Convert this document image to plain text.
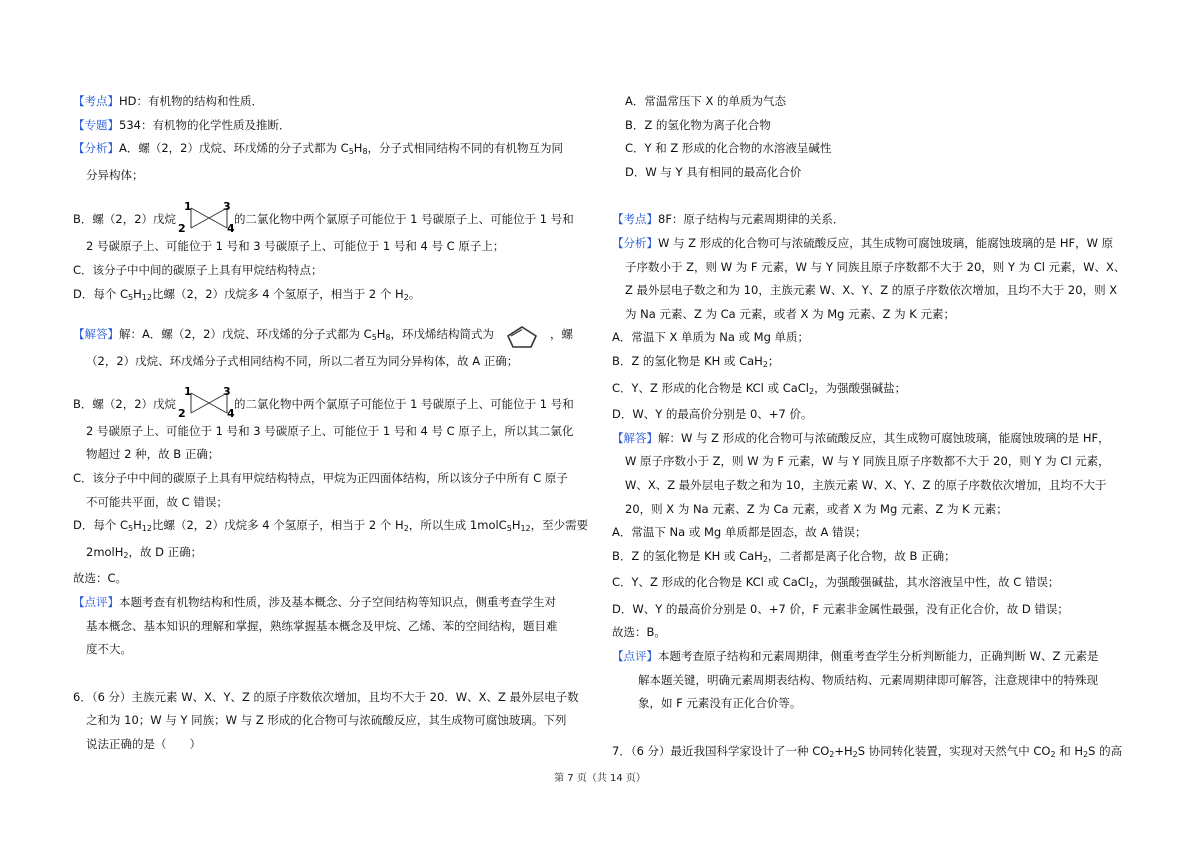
【考点】HD：有机物的结构和性质．

【专题】534：有机物的化学性质及推断．

【分析】A．螺（2，2）戊烷、环戊烯的分子式都为 $C_5H_8$，分子式相同结构不同的有机物互为同

分异构体；

B．螺（2，2）戊烷
1	3
2	4
的二氯化物中两个氯原子可能位于 1 号碳原子上、可能位于 1 号和

2 号碳原子上、可能位于 1 号和 3 号碳原子上、可能位于 1 号和 4 号 C 原子上；

C．该分子中中间的碳原子上具有甲烷结构特点；

D．每个 $C_5H_{12}$比螺（2，2）戊烷多 4 个氢原子，相当于 2 个 $H_2$。

【解答】解：A．螺（2，2）戊烷、环戊烯的分子式都为 $C_5H_8$，环戊烯结构简式为	，螺

（2，2）戊烷、环戊烯分子式相同结构不同，所以二者互为同分异构体，故 A 正确；

B．螺（2，2）戊烷
1	3
2	4
的二氯化物中两个氯原子可能位于 1 号碳原子上、可能位于 1 号和

2 号碳原子上、可能位于 1 号和 3 号碳原子上、可能位于 1 号和 4 号 C 原子上，所以其二氯化

物超过 2 种，故 B 正确；

C．该分子中中间的碳原子上具有甲烷结构特点，甲烷为正四面体结构，所以该分子中所有 C 原子

不可能共平面，故 C 错误；

D．每个 $C_5H_{12}$比螺（2，2）戊烷多 4 个氢原子，相当于 2 个 $H_2$，所以生成 $1molC_5H_{12}$，至少需要

2molH$_2$，故 D 正确；

故选：C。

【点评】本题考查有机物结构和性质，涉及基本概念、分子空间结构等知识点，侧重考查学生对

基本概念、基本知识的理解和掌握，熟练掌握基本概念及甲烷、乙烯、苯的空间结构，题目难

度不大。

6．（6 分）主族元素 W、X、Y、Z 的原子序数依次增加，且均不大于 20．W、X、Z 最外层电子数

之和为 10；W 与 Y 同族；W 与 Z 形成的化合物可与浓硫酸反应，其生成物可腐蚀玻璃。下列

说法正确的是（　　）

A．常温常压下 X 的单质为气态

B．Z 的氢化物为离子化合物

C．Y 和 Z 形成的化合物的水溶液呈碱性

D．W 与 Y 具有相同的最高化合价

【考点】8F：原子结构与元素周期律的关系．

【分析】W 与 Z 形成的化合物可与浓硫酸反应，其生成物可腐蚀玻璃，能腐蚀玻璃的是 HF，W 原

子序数小于 Z，则 W 为 F 元素，W 与 Y 同族且原子序数都不大于 20，则 Y 为 Cl 元素，W、X、

Z 最外层电子数之和为 10，主族元素 W、X、Y、Z 的原子序数依次增加，且均不大于 20，则 X

为 Na 元素、Z 为 Ca 元素，或者 X 为 Mg 元素、Z 为 K 元素；

A．常温下 X 单质为 Na 或 Mg 单质；

B．Z 的氢化物是 KH 或 CaH$_2$；

C．Y、Z 形成的化合物是 KCl 或 CaCl$_2$，为强酸强碱盐；

D．W、Y 的最高价分别是 0、+7 价。

【解答】解：W 与 Z 形成的化合物可与浓硫酸反应，其生成物可腐蚀玻璃，能腐蚀玻璃的是 HF，

W 原子序数小于 Z，则 W 为 F 元素，W 与 Y 同族且原子序数都不大于 20，则 Y 为 Cl 元素，

W、X、Z 最外层电子数之和为 10，主族元素 W、X、Y、Z 的原子序数依次增加，且均不大于

20，则 X 为 Na 元素、Z 为 Ca 元素，或者 X 为 Mg 元素、Z 为 K 元素；

A．常温下 Na 或 Mg 单质都是固态，故 A 错误；

B．Z 的氢化物是 KH 或 CaH$_2$，二者都是离子化合物，故 B 正确；

C．Y、Z 形成的化合物是 KCl 或 CaCl$_2$，为强酸强碱盐，其水溶液呈中性，故 C 错误；

D．W、Y 的最高价分别是 0、+7 价，F 元素非金属性最强，没有正化合价，故 D 错误；

故选：B。

【点评】本题考查原子结构和元素周期律，侧重考查学生分析判断能力，正确判断 W、Z 元素是

解本题关键，明确元素周期表结构、物质结构、元素周期律即可解答，注意规律中的特殊现

象，如 F 元素没有正化合价等。

7．（6 分）最近我国科学家设计了一种 $CO_2+H_2S$ 协同转化装置，实现对天然气中 $CO_2$ 和 $H_2S$ 的高

第 7 页（共 14 页）
